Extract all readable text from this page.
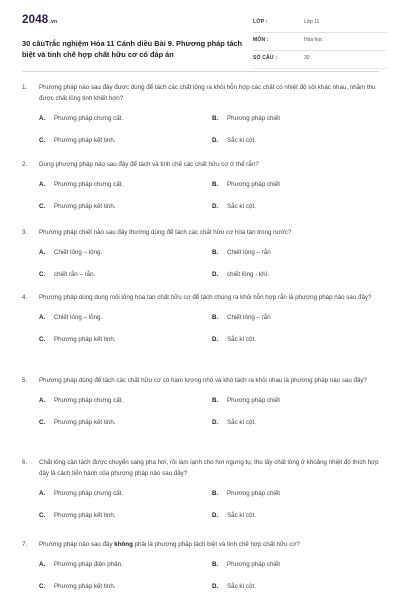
2048.vn
30 câuTrắc nghiệm Hóa 11 Cánh diều Bài 9. Phương pháp tách biệt và tinh chế hợp chất hữu cơ có đáp án
LỚP :	Lớp 11
MÔN :	Hóa học
SỐ CÂU :	30
1.	Phương pháp nào sau đây được dùng để tách các chất lỏng ra khỏi hỗn hợp các chất có nhiệt độ sôi khác nhau, nhằm thu được chất lỏng tinh khiết hơn?
A. Phương pháp chưng cất.	B. Phương pháp chiết
C. Phương pháp kết tinh.	D. Sắc kí cột.
2.	Dùng phương pháp nào sau đây để tách và tinh chế các chất hữu cơ ở thể rắn?
A. Phương pháp chưng cất.	B. Phương pháp chiết
C. Phương pháp kết tinh.	D. Sắc kí cột.
3.	Phương pháp chiết nào sau đây thường dùng để tách các chất hữu cơ hòa tan trong nước?
A. Chiết lỏng – lỏng.	B. Chiết lỏng – rắn
C. chiết rắn – rắn.	D. chiết lỏng - khí.
4.	Phương pháp dùng dung môi lỏng hòa tan chất hữu cơ để tách chúng ra khỏi hỗn hợp rắn là phương pháp nào sau đây?
A. Chiết lỏng – lỏng.	B. Chiết lỏng – rắn
C. Phương pháp kết tinh.	D. Sắc kí cột.
5.	Phương pháp dùng để tách các chất hữu cơ có hàm lượng nhỏ và khó tách ra khỏi nhau là phương pháp nào sau đây?
A. Phương pháp chưng cất.	B. Phương pháp chiết
C. Phương pháp kết tinh.	D. Sắc kí cột.
6.	Chất lỏng cần tách được chuyển sang pha hơi, rồi làm lạnh cho hơi ngưng tụ, thu lấy chất lỏng ở khoảng nhiệt độ thích hợp đây là cách tiến hành của phương pháp nào sau đây?
A. Phương pháp chưng cất.	B. Phương pháp chiết
C. Phương pháp kết tinh.	D. Sắc kí cột.
7.	Phương pháp nào sau đây không phải là phương pháp tách biệt và tinh chế hợp chất hữu cơ?
A. Phương pháp điện phân.	B. Phương pháp chiết
C. Phương pháp kết tinh.	D. Sắc kí cột.
